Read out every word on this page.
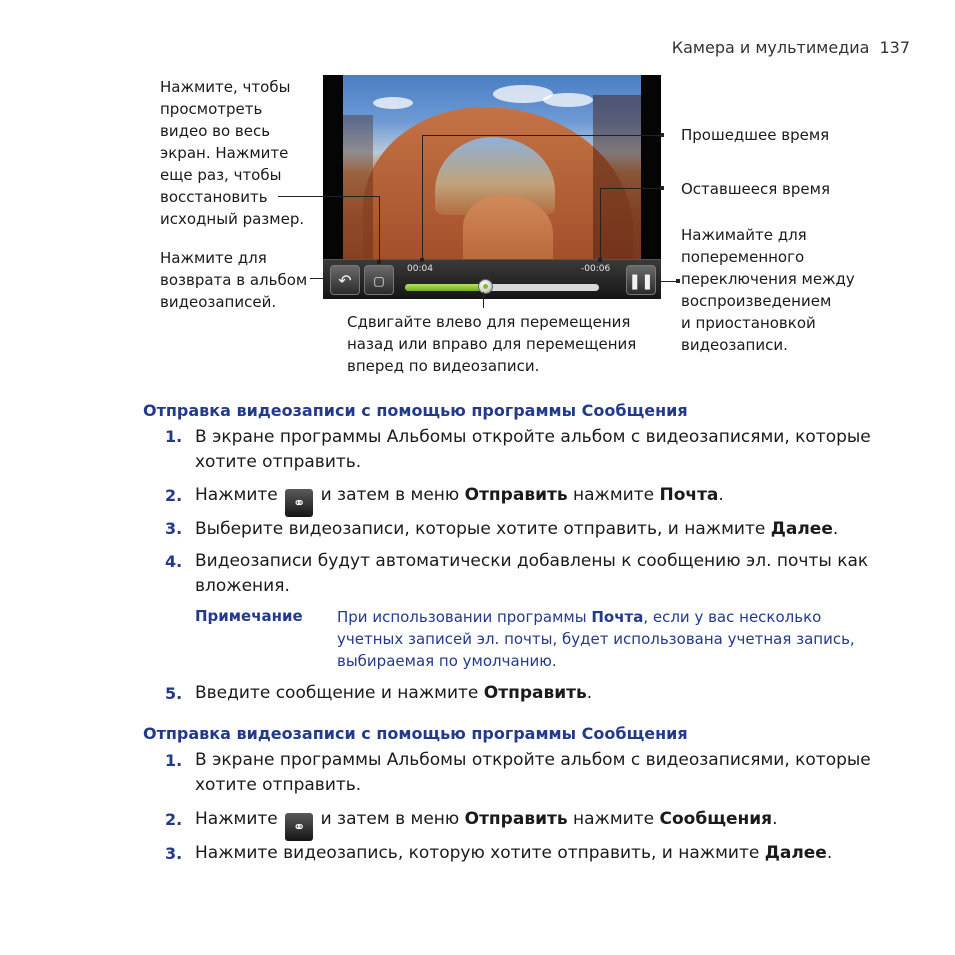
Камера и мультимедиа 137
↶	▢
00:04	-00:06
❚❚
Нажмите, чтобы
просмотреть
видео во весь
экран. Нажмите
еще раз, чтобы
восстановить
исходный размер.
Нажмите для
возврата в альбом
видеозаписей.
Прошедшее время
Оставшееся время
Нажимайте для
попеременного
переключения между
воспроизведением
и приостановкой
видеозаписи.
Сдвигайте влево для перемещения
назад или вправо для перемещения
вперед по видеозаписи.
Отправка видеозаписи с помощью программы Сообщения
1. В экране программы Альбомы откройте альбом с видеозаписями, которые хотите отправить.
2. Нажмите ⚭ и затем в меню Отправить нажмите Почта.
3. Выберите видеозаписи, которые хотите отправить, и нажмите Далее.
4. Видеозаписи будут автоматически добавлены к сообщению эл. почты как вложения.
Примечание При использовании программы Почта, если у вас несколько учетных записей эл. почты, будет использована учетная запись, выбираемая по умолчанию.
5. Введите сообщение и нажмите Отправить.
Отправка видеозаписи с помощью программы Сообщения
1. В экране программы Альбомы откройте альбом с видеозаписями, которые хотите отправить.
2. Нажмите ⚭ и затем в меню Отправить нажмите Сообщения.
3. Нажмите видеозапись, которую хотите отправить, и нажмите Далее.
